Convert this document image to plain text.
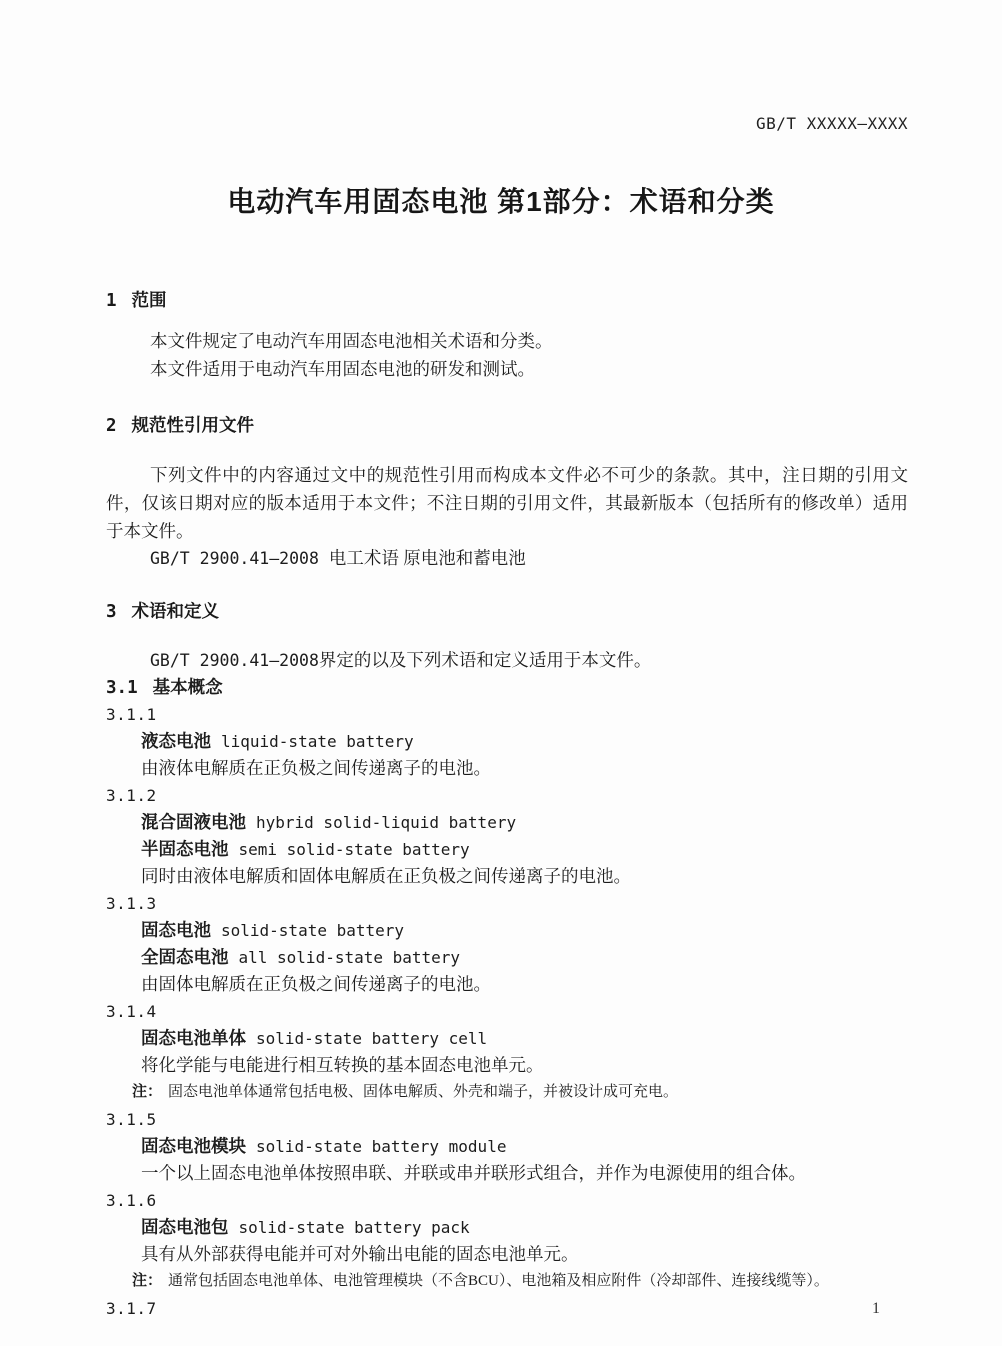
GB/T XXXXX—XXXX
电动汽车用固态电池 第1部分：术语和分类
1 范围

本文件规定了电动汽车用固态电池相关术语和分类。

本文件适用于电动汽车用固态电池的研发和测试。

2 规范性引用文件

下列文件中的内容通过文中的规范性引用而构成本文件必不可少的条款。其中，注日期的引用文件，仅该日期对应的版本适用于本文件；不注日期的引用文件，其最新版本（包括所有的修改单）适用于本文件。

GB/T 2900.41—2008 电工术语 原电池和蓄电池
3 术语和定义
GB/T 2900.41—2008界定的以及下列术语和定义适用于本文件。
3.1 基本概念
3.1.1
液态电池 liquid-state battery
由液体电解质在正负极之间传递离子的电池。
3.1.2
混合固液电池 hybrid solid-liquid battery
半固态电池 semi solid-state battery
同时由液体电解质和固体电解质在正负极之间传递离子的电池。
3.1.3
固态电池 solid-state battery
全固态电池 all solid-state battery
由固体电解质在正负极之间传递离子的电池。
3.1.4
固态电池单体 solid-state battery cell
将化学能与电能进行相互转换的基本固态电池单元。
注： 固态电池单体通常包括电极、固体电解质、外壳和端子，并被设计成可充电。
3.1.5
固态电池模块 solid-state battery module
一个以上固态电池单体按照串联、并联或串并联形式组合，并作为电源使用的组合体。
3.1.6
固态电池包 solid-state battery pack
具有从外部获得电能并可对外输出电能的固态电池单元。
注： 通常包括固态电池单体、电池管理模块（不含BCU）、电池箱及相应附件（冷却部件、连接线缆等）。
3.1.7	1
